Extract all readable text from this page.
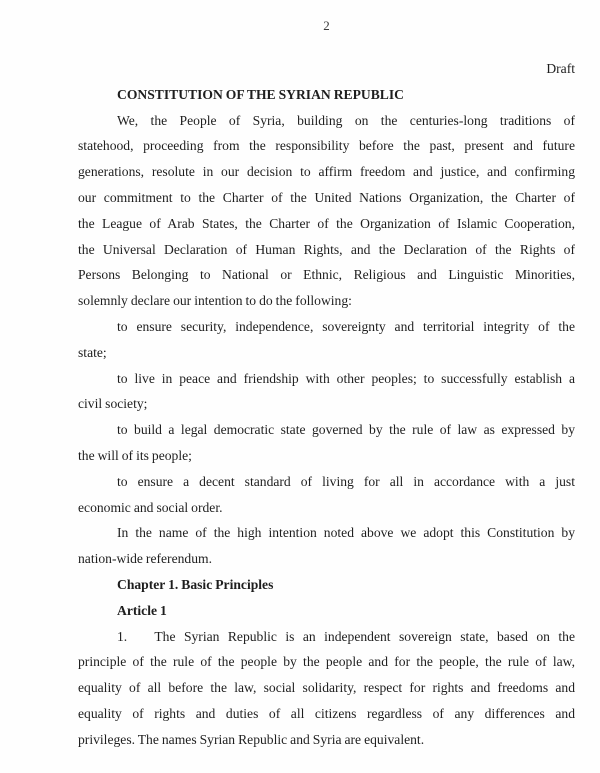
2
Draft
CONSTITUTION OF THE SYRIAN REPUBLIC
We, the People of Syria, building on the centuries-long traditions of
statehood, proceeding from the responsibility before the past, present and future
generations, resolute in our decision to affirm freedom and justice, and confirming
our commitment to the Charter of the United Nations Organization, the Charter of
the League of Arab States, the Charter of the Organization of Islamic Cooperation,
the Universal Declaration of Human Rights, and the Declaration of the Rights of
Persons Belonging to National or Ethnic, Religious and Linguistic Minorities,
solemnly declare our intention to do the following:
to ensure security, independence, sovereignty and territorial integrity of the
state;
to live in peace and friendship with other peoples; to successfully establish a
civil society;
to build a legal democratic state governed by the rule of law as expressed by
the will of its people;
to ensure a decent standard of living for all in accordance with a just
economic and social order.
In the name of the high intention noted above we adopt this Constitution by
nation-wide referendum.
Chapter 1. Basic Principles
Article 1
1.  The Syrian Republic is an independent sovereign state, based on the
principle of the rule of the people by the people and for the people, the rule of law,
equality of all before the law, social solidarity, respect for rights and freedoms and
equality of rights and duties of all citizens regardless of any differences and
privileges. The names Syrian Republic and Syria are equivalent.
